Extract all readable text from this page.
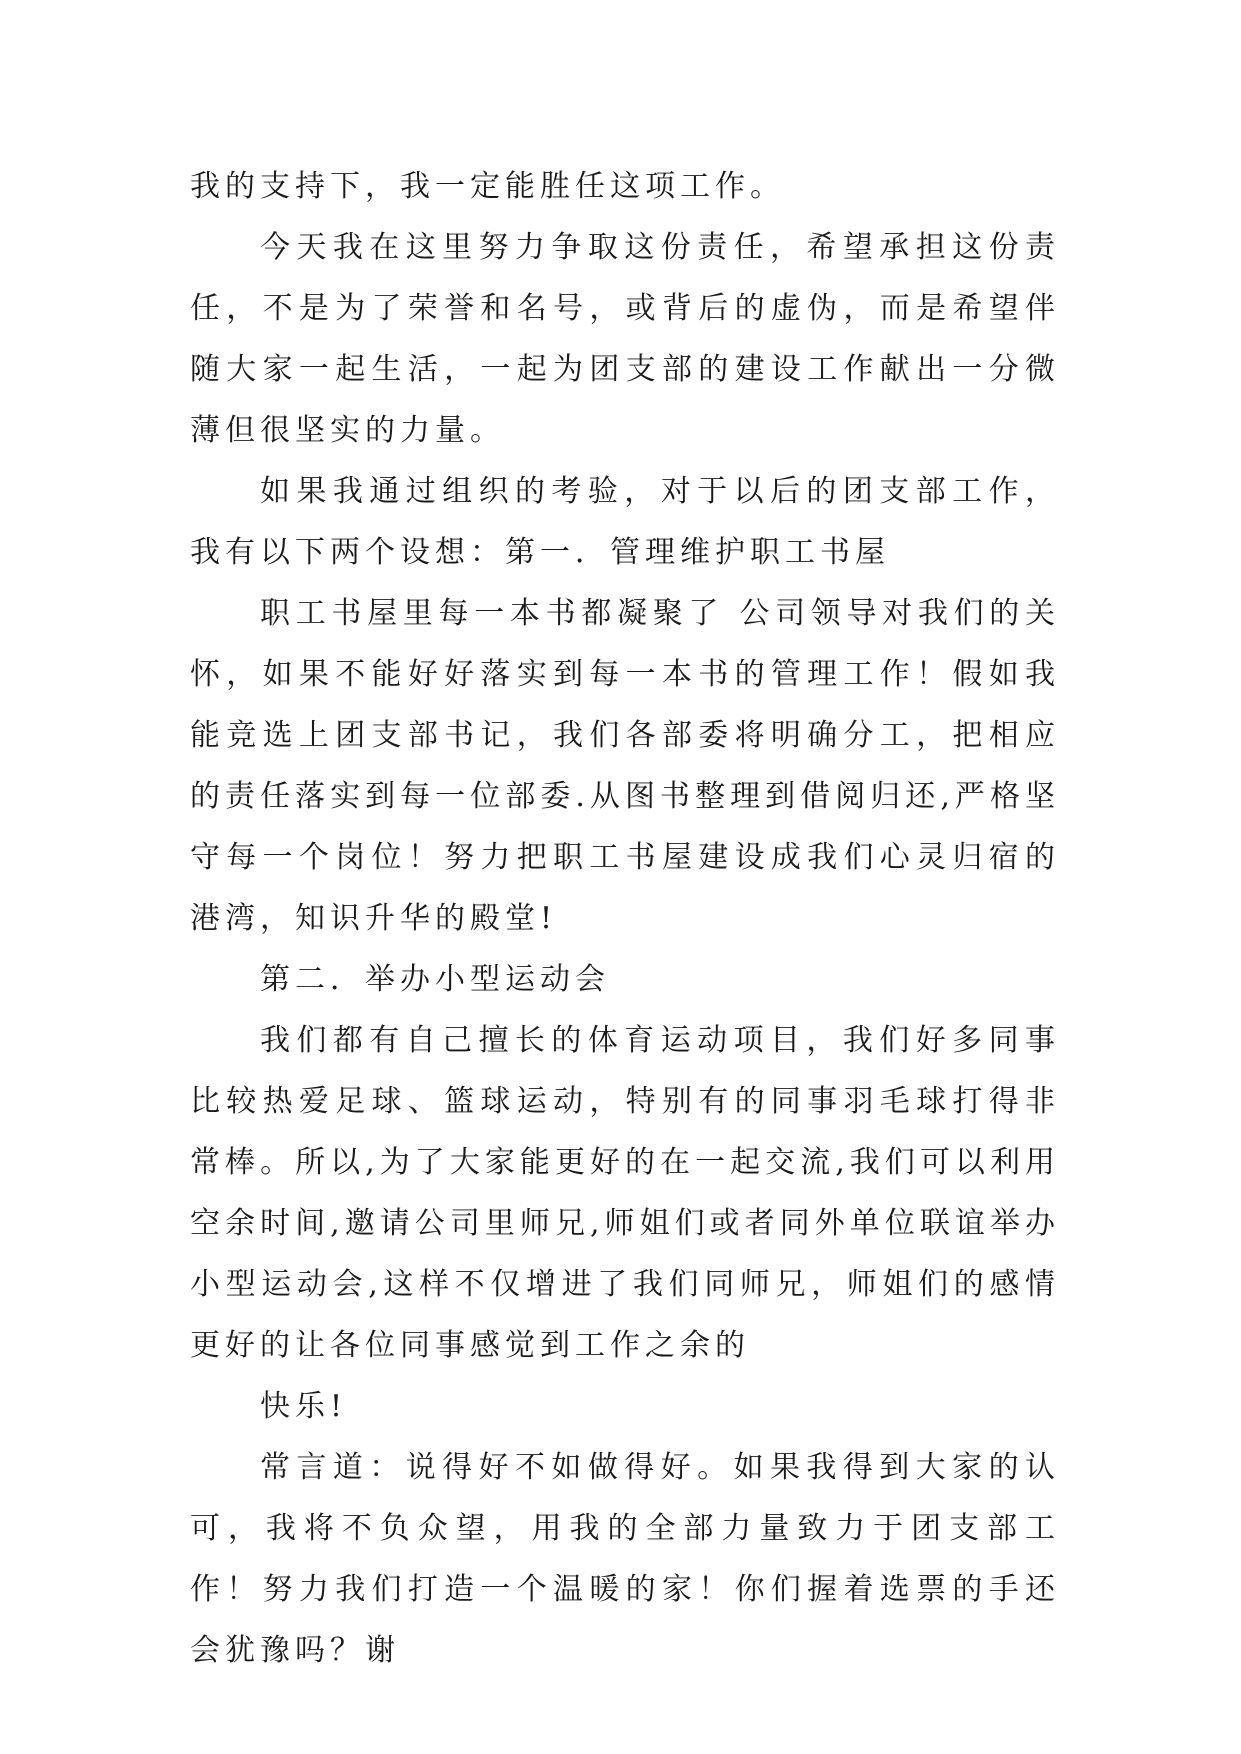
我的支持下，我一定能胜任这项工作。

今天我在这里努力争取这份责任，希望承担这份责任，不是为了荣誉和名号，或背后的虚伪，而是希望伴随大家一起生活，一起为团支部的建设工作献出一分微薄但很坚实的力量。

如果我通过组织的考验，对于以后的团支部工作，我有以下两个设想：第一．管理维护职工书屋

职工书屋里每一本书都凝聚了 公司领导对我们的关怀，如果不能好好落实到每一本书的管理工作！假如我能竞选上团支部书记，我们各部委将明确分工，把相应的责任落实到每一位部委.从图书整理到借阅归还,严格坚守每一个岗位！努力把职工书屋建设成我们心灵归宿的港湾，知识升华的殿堂!

第二．举办小型运动会

我们都有自己擅长的体育运动项目，我们好多同事比较热爱足球、篮球运动，特别有的同事羽毛球打得非常棒。所以,为了大家能更好的在一起交流,我们可以利用空余时间,邀请公司里师兄,师姐们或者同外单位联谊举办小型运动会,这样不仅增进了我们同师兄，师姐们的感情更好的让各位同事感觉到工作之余的

快乐!

常言道：说得好不如做得好。如果我得到大家的认可，我将不负众望，用我的全部力量致力于团支部工作！努力我们打造一个温暖的家！你们握着选票的手还会犹豫吗？谢
